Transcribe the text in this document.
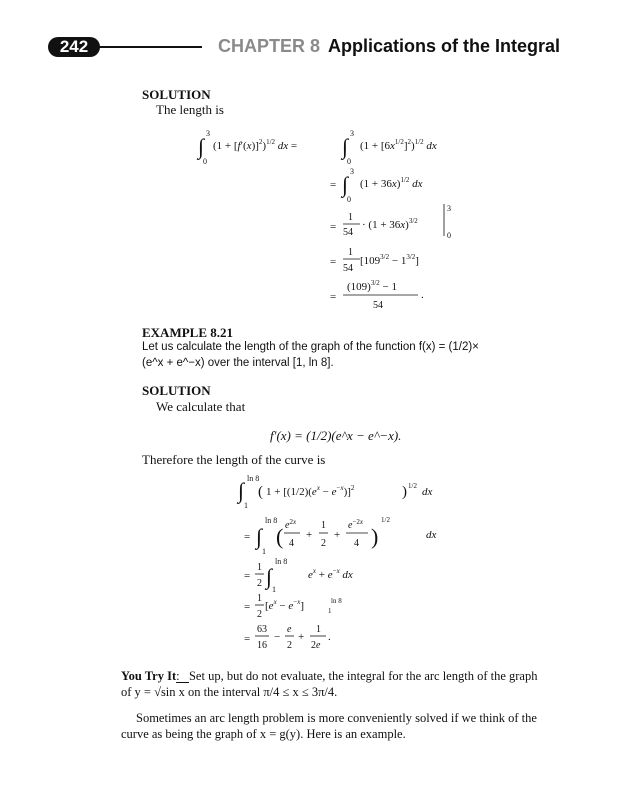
242	CHAPTER 8 Applications of the Integral
SOLUTION
The length is
∫
3
0
$(1 + [f'(x)]^2)^{1/2}$ dx = ∫
3
0
$(1 + [6x^{1/2}]^2)^{1/2}$ dx
= ∫
3
0
$(1 + 36x)^{1/2}$ dx
=
1
54
· $(1 + 36x)^{3/2}$
3
0
=
1
54
$[109^{3/2} - 1^{3/2}]$
=
$(109)^{3/2} - 1$
54
.
EXAMPLE 8.21
Let us calculate the length of the graph of the function f(x) = (1/2)×
(e^x + e^−x) over the interval [1, ln 8].
SOLUTION
We calculate that
f′(x) = (1/2)(e^x − e^−x).
Therefore the length of the curve is
∫ ln 8
1
( $1 + [(1/2)(e^x - e^-x)]^2$	) 1/2 dx
= ∫
ln 8
1
( $e^{2x}$
4
+
1
2
+
$e^{-2x}$
4 )
1/2
dx
=
1
2 ∫
ln 8
1
$e^x + e^-x$ dx
=
1
2
$[e^x - e^-x]$	ln 8
1
=
63
16
−
e
2
+
1
2e
.
You Try It:   Set up, but do not evaluate, the integral for the arc length of the graph
of y = √sin x on the interval π/4 ≤ x ≤ 3π/4.
Sometimes an arc length problem is more conveniently solved if we think of the
curve as being the graph of x = g(y). Here is an example.
